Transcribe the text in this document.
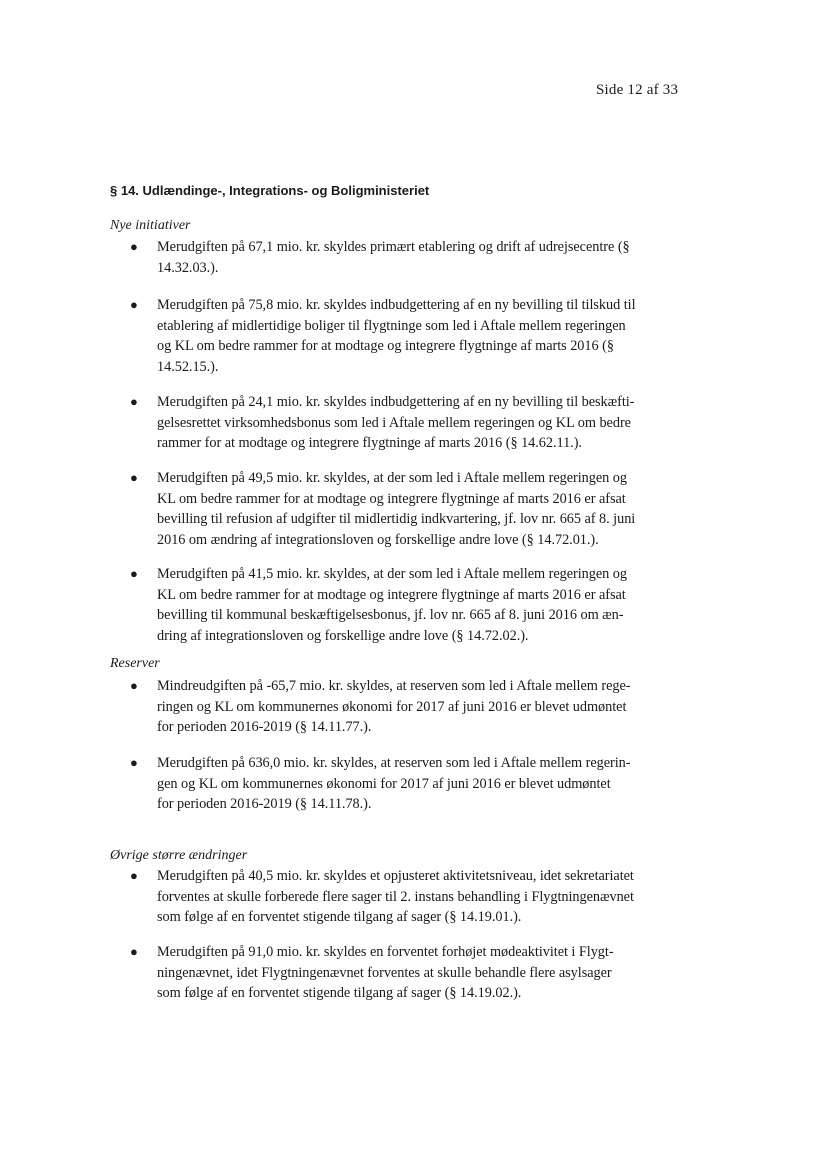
Side 12 af 33
§ 14. Udlændinge-, Integrations- og Boligministeriet
Nye initiativer
● Merudgiften på 67,1 mio. kr. skyldes primært etablering og drift af udrejsecentre (§
14.32.03.).
● Merudgiften på 75,8 mio. kr. skyldes indbudgettering af en ny bevilling til tilskud til
etablering af midlertidige boliger til flygtninge som led i Aftale mellem regeringen
og KL om bedre rammer for at modtage og integrere flygtninge af marts 2016 (§
14.52.15.).
● Merudgiften på 24,1 mio. kr. skyldes indbudgettering af en ny bevilling til beskæfti-
gelsesrettet virksomhedsbonus som led i Aftale mellem regeringen og KL om bedre
rammer for at modtage og integrere flygtninge af marts 2016 (§ 14.62.11.).
● Merudgiften på 49,5 mio. kr. skyldes, at der som led i Aftale mellem regeringen og
KL om bedre rammer for at modtage og integrere flygtninge af marts 2016 er afsat
bevilling til refusion af udgifter til midlertidig indkvartering, jf. lov nr. 665 af 8. juni
2016 om ændring af integrationsloven og forskellige andre love (§ 14.72.01.).
● Merudgiften på 41,5 mio. kr. skyldes, at der som led i Aftale mellem regeringen og
KL om bedre rammer for at modtage og integrere flygtninge af marts 2016 er afsat
bevilling til kommunal beskæftigelsesbonus, jf. lov nr. 665 af 8. juni 2016 om æn-
dring af integrationsloven og forskellige andre love (§ 14.72.02.).
Reserver
● Mindreudgiften på -65,7 mio. kr. skyldes, at reserven som led i Aftale mellem rege-
ringen og KL om kommunernes økonomi for 2017 af juni 2016 er blevet udmøntet
for perioden 2016-2019 (§ 14.11.77.).
● Merudgiften på 636,0 mio. kr. skyldes, at reserven som led i Aftale mellem regerin-
gen og KL om kommunernes økonomi for 2017 af juni 2016 er blevet udmøntet
for perioden 2016-2019 (§ 14.11.78.).
Øvrige større ændringer
● Merudgiften på 40,5 mio. kr. skyldes et opjusteret aktivitetsniveau, idet sekretariatet
forventes at skulle forberede flere sager til 2. instans behandling i Flygtningenævnet
som følge af en forventet stigende tilgang af sager (§ 14.19.01.).
● Merudgiften på 91,0 mio. kr. skyldes en forventet forhøjet mødeaktivitet i Flygt-
ningenævnet, idet Flygtningenævnet forventes at skulle behandle flere asylsager
som følge af en forventet stigende tilgang af sager (§ 14.19.02.).
